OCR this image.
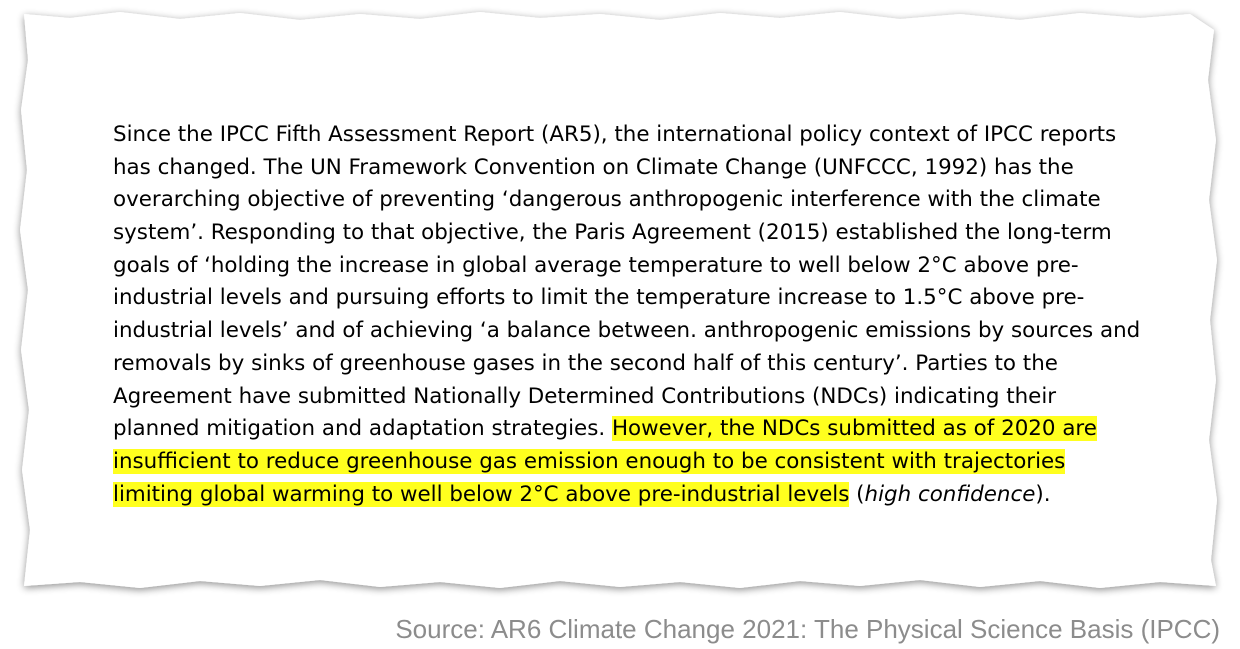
Since the IPCC Fifth Assessment Report (AR5), the international policy context of IPCC reports
has changed. The UN Framework Convention on Climate Change (UNFCCC, 1992) has the
overarching objective of preventing ‘dangerous anthropogenic interference with the climate
system’. Responding to that objective, the Paris Agreement (2015) established the long-term
goals of ‘holding the increase in global average temperature to well below 2°C above pre-
industrial levels and pursuing efforts to limit the temperature increase to 1.5°C above pre-
industrial levels’ and of achieving ‘a balance between. anthropogenic emissions by sources and
removals by sinks of greenhouse gases in the second half of this century’. Parties to the
Agreement have submitted Nationally Determined Contributions (NDCs) indicating their
planned mitigation and adaptation strategies. However, the NDCs submitted as of 2020 are
insufficient to reduce greenhouse gas emission enough to be consistent with trajectories
limiting global warming to well below 2°C above pre-industrial levels (high confidence).
Source: AR6 Climate Change 2021: The Physical Science Basis (IPCC)
